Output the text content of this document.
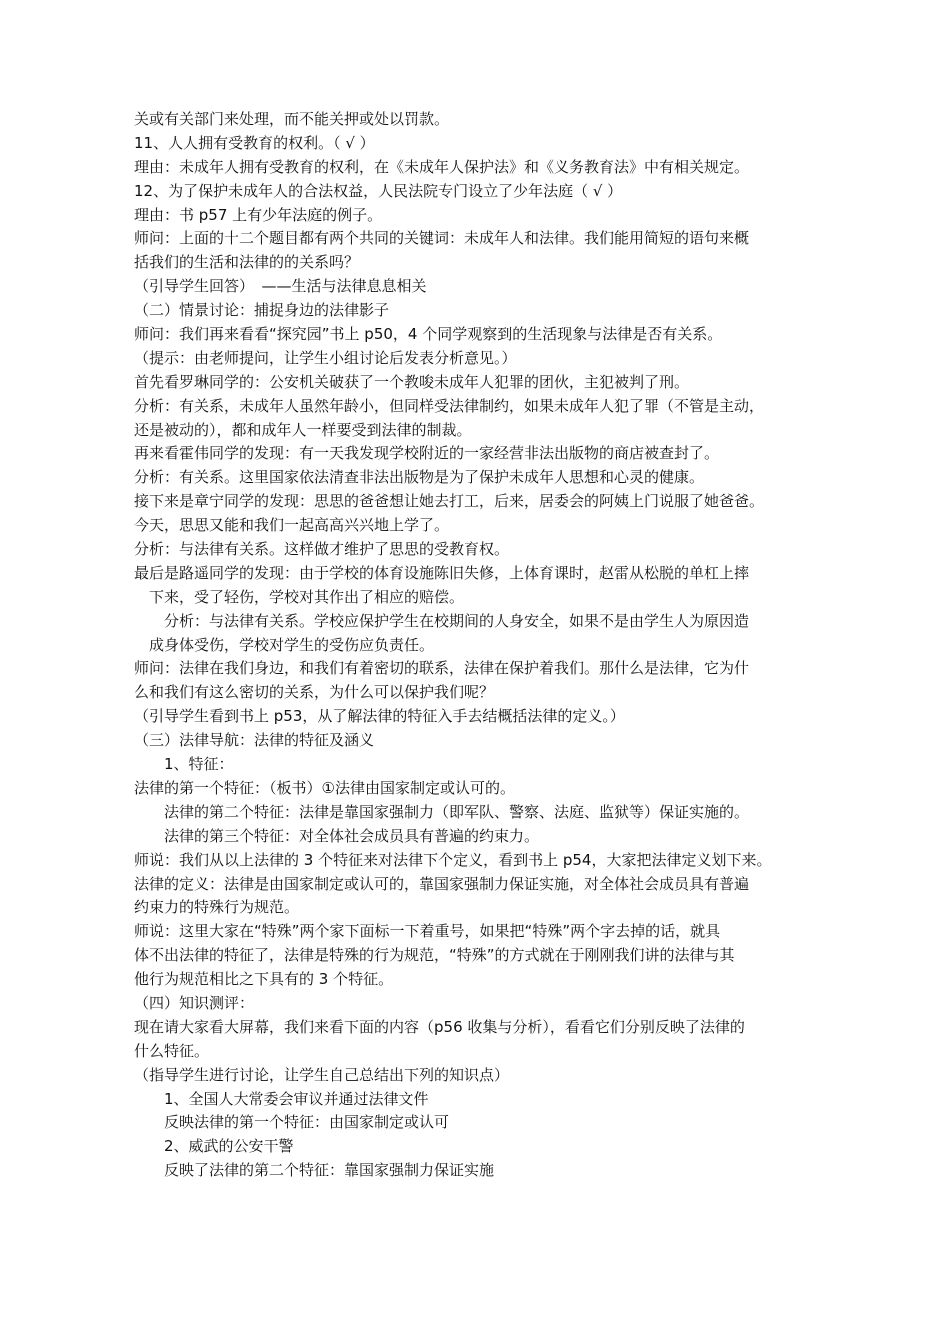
关或有关部门来处理，而不能关押或处以罚款。
11、人人拥有受教育的权利。（ √ ）
理由：未成年人拥有受教育的权利，在《未成年人保护法》和《义务教育法》中有相关规定。
12、为了保护未成年人的合法权益，人民法院专门设立了少年法庭（ √ ）
理由：书 p57 上有少年法庭的例子。
师问：上面的十二个题目都有两个共同的关键词：未成年人和法律。我们能用简短的语句来概
括我们的生活和法律的的关系吗？
（引导学生回答）　——生活与法律息息相关
（二）情景讨论：捕捉身边的法律影子
师问：我们再来看看“探究园”书上 p50，4 个同学观察到的生活现象与法律是否有关系。
（提示：由老师提问，让学生小组讨论后发表分析意见。）
首先看罗琳同学的：公安机关破获了一个教唆未成年人犯罪的团伙，主犯被判了刑。
分析：有关系，未成年人虽然年龄小，但同样受法律制约，如果未成年人犯了罪（不管是主动，
还是被动的），都和成年人一样要受到法律的制裁。
再来看霍伟同学的发现：有一天我发现学校附近的一家经营非法出版物的商店被查封了。
分析：有关系。这里国家依法清查非法出版物是为了保护未成年人思想和心灵的健康。
接下来是章宁同学的发现：思思的爸爸想让她去打工，后来，居委会的阿姨上门说服了她爸爸。
今天，思思又能和我们一起高高兴兴地上学了。
分析：与法律有关系。这样做才维护了思思的受教育权。
最后是路遥同学的发现：由于学校的体育设施陈旧失修，上体育课时，赵雷从松脱的单杠上摔
下来，受了轻伤，学校对其作出了相应的赔偿。
分析：与法律有关系。学校应保护学生在校期间的人身安全，如果不是由学生人为原因造
成身体受伤，学校对学生的受伤应负责任。
师问：法律在我们身边，和我们有着密切的联系，法律在保护着我们。那什么是法律，它为什
么和我们有这么密切的关系，为什么可以保护我们呢？
（引导学生看到书上 p53，从了解法律的特征入手去结概括法律的定义。）
（三）法律导航：法律的特征及涵义
1、特征：
法律的第一个特征：（板书）①法律由国家制定或认可的。
法律的第二个特征：法律是靠国家强制力（即军队、警察、法庭、监狱等）保证实施的。
法律的第三个特征：对全体社会成员具有普遍的约束力。
师说：我们从以上法律的 3 个特征来对法律下个定义，看到书上 p54，大家把法律定义划下来。
法律的定义：法律是由国家制定或认可的，靠国家强制力保证实施，对全体社会成员具有普遍
约束力的特殊行为规范。
师说：这里大家在“特殊”两个家下面标一下着重号，如果把“特殊”两个字去掉的话，就具
体不出法律的特征了，法律是特殊的行为规范，“特殊”的方式就在于刚刚我们讲的法律与其
他行为规范相比之下具有的 3 个特征。
（四）知识测评：
现在请大家看大屏幕，我们来看下面的内容（p56 收集与分析），看看它们分别反映了法律的
什么特征。
（指导学生进行讨论，让学生自己总结出下列的知识点）
1、全国人大常委会审议并通过法律文件
反映法律的第一个特征：由国家制定或认可
2、威武的公安干警
反映了法律的第二个特征：靠国家强制力保证实施
